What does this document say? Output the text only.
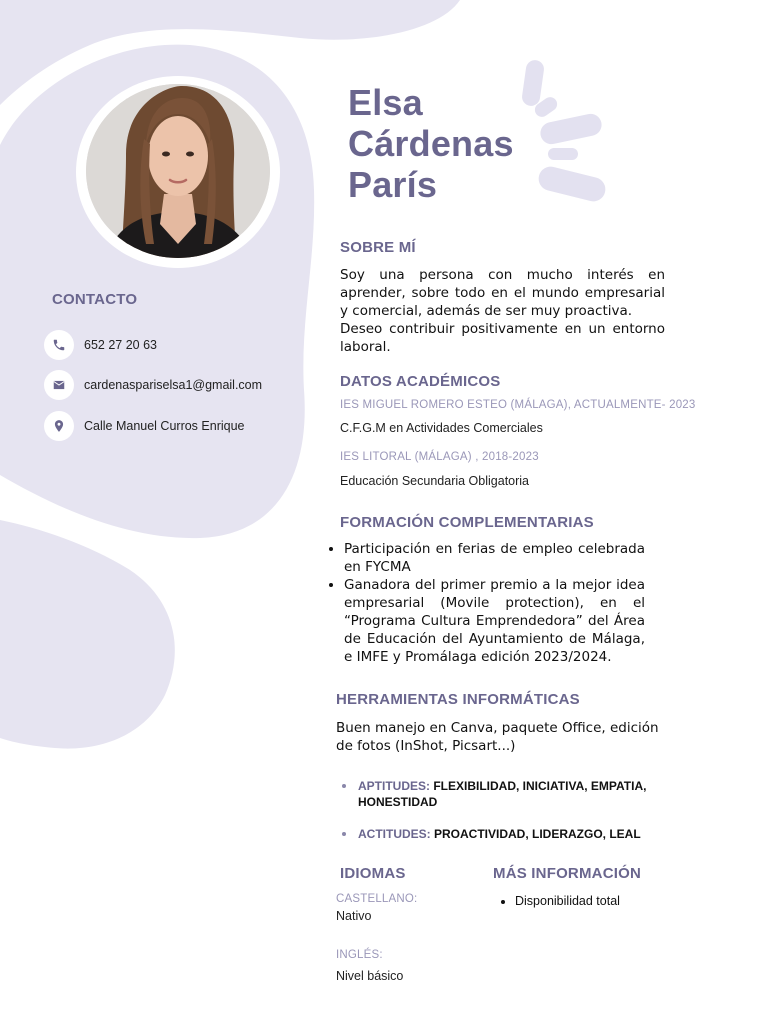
Elsa
Cárdenas
París
CONTACTO
652 27 20 63
cardenaspariselsa1@gmail.com
Calle Manuel Curros Enrique
SOBRE MÍ
Soy una persona con mucho interés en aprender, sobre todo en el mundo empresarial y comercial, además de ser muy proactiva.
Deseo contribuir positivamente en un entorno laboral.
DATOS ACADÉMICOS
IES MIGUEL ROMERO ESTEO (MÁLAGA), ACTUALMENTE- 2023
C.F.G.M en Actividades Comerciales
IES LITORAL (MÁLAGA) , 2018-2023
Educación Secundaria Obligatoria
FORMACIÓN COMPLEMENTARIAS
• Participación en ferias de empleo celebrada en FYCMA
• Ganadora del primer premio a la mejor idea empresarial (Movile protection), en el “Programa Cultura Emprendedora” del Área de Educación del Ayuntamiento de Málaga, e IMFE y Promálaga edición 2023/2024.
HERRAMIENTAS INFORMÁTICAS
Buen manejo en Canva, paquete Office, edición de fotos (InShot, Picsart...)
APTITUDES: FLEXIBILIDAD, INICIATIVA, EMPATIA, HONESTIDAD
ACTITUDES: PROACTIVIDAD, LIDERAZGO, LEAL
IDIOMAS
CASTELLANO:
Nativo
INGLÉS:
Nivel básico
MÁS INFORMACIÓN
• Disponibilidad total
